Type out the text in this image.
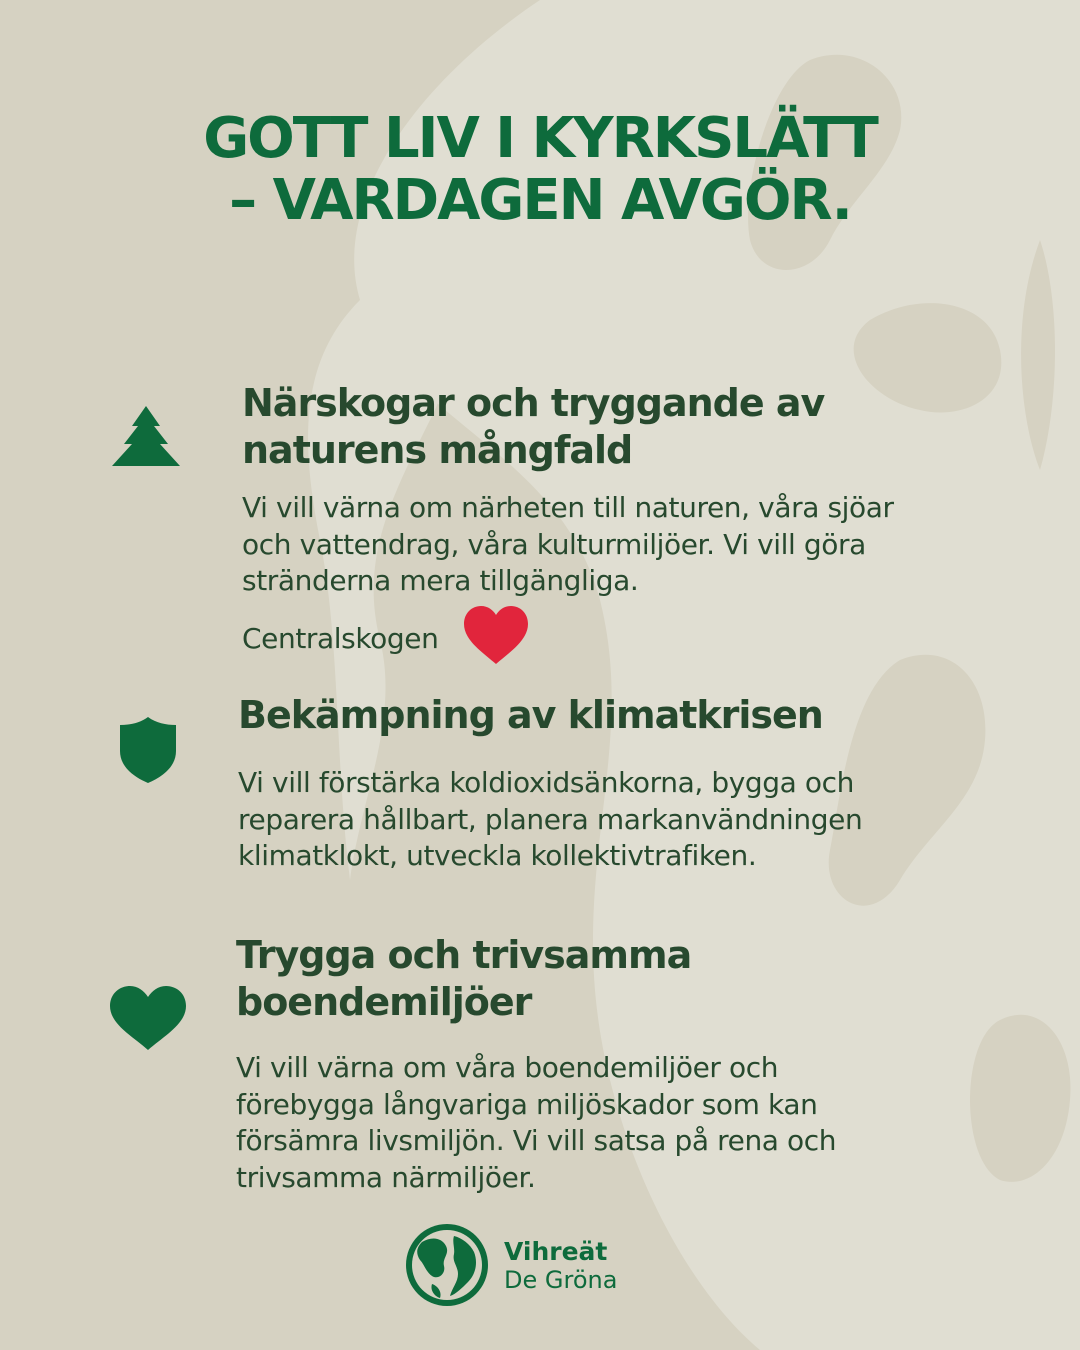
GOTT LIV I KYRKSLÄTT
– VARDAGEN AVGÖR.
Närskogar och tryggande av
naturens mångfald

Vi vill värna om närheten till naturen, våra sjöar
och vattendrag, våra kulturmiljöer. Vi vill göra
stränderna mera tillgängliga.

Centralskogen
Bekämpning av klimatkrisen

Vi vill förstärka koldioxidsänkorna, bygga och
reparera hållbart, planera markanvändningen
klimatklokt, utveckla kollektivtrafiken.

Trygga och trivsamma
boendemiljöer

Vi vill värna om våra boendemiljöer och
förebygga långvariga miljöskador som kan
försämra livsmiljön. Vi vill satsa på rena och
trivsamma närmiljöer.

Vihreät
De Gröna
